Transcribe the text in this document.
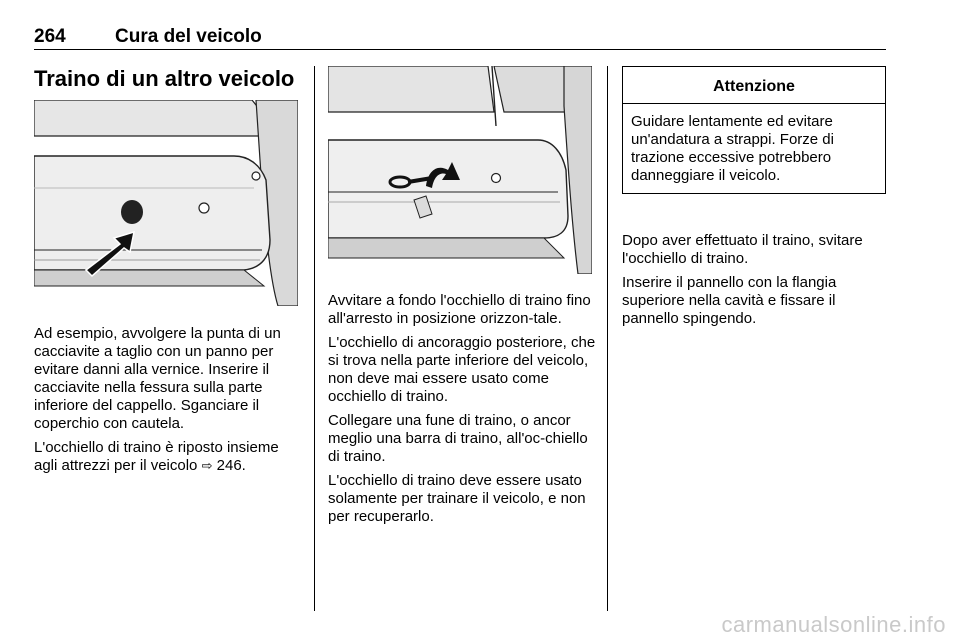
264	Cura del veicolo
Traino di un altro veicolo

Ad esempio, avvolgere la punta di un cacciavite a taglio con un panno per evitare danni alla vernice. Inserire il cacciavite nella fessura sulla parte inferiore del cappello. Sganciare il coperchio con cautela.

L'occhiello di traino è riposto insieme agli attrezzi per il veicolo ⇨ 246.

Avvitare a fondo l'occhiello di traino fino all'arresto in posizione orizzon-tale.

L'occhiello di ancoraggio posteriore, che si trova nella parte inferiore del veicolo, non deve mai essere usato come occhiello di traino.

Collegare una fune di traino, o ancor meglio una barra di traino, all'oc-chiello di traino.

L'occhiello di traino deve essere usato solamente per trainare il veicolo, e non per recuperarlo.

Attenzione
Guidare lentamente ed evitare un'andatura a strappi. Forze di trazione eccessive potrebbero danneggiare il veicolo.

Dopo aver effettuato il traino, svitare l'occhiello di traino.

Inserire il pannello con la flangia superiore nella cavità e fissare il pannello spingendo.

carmanualsonline.info
